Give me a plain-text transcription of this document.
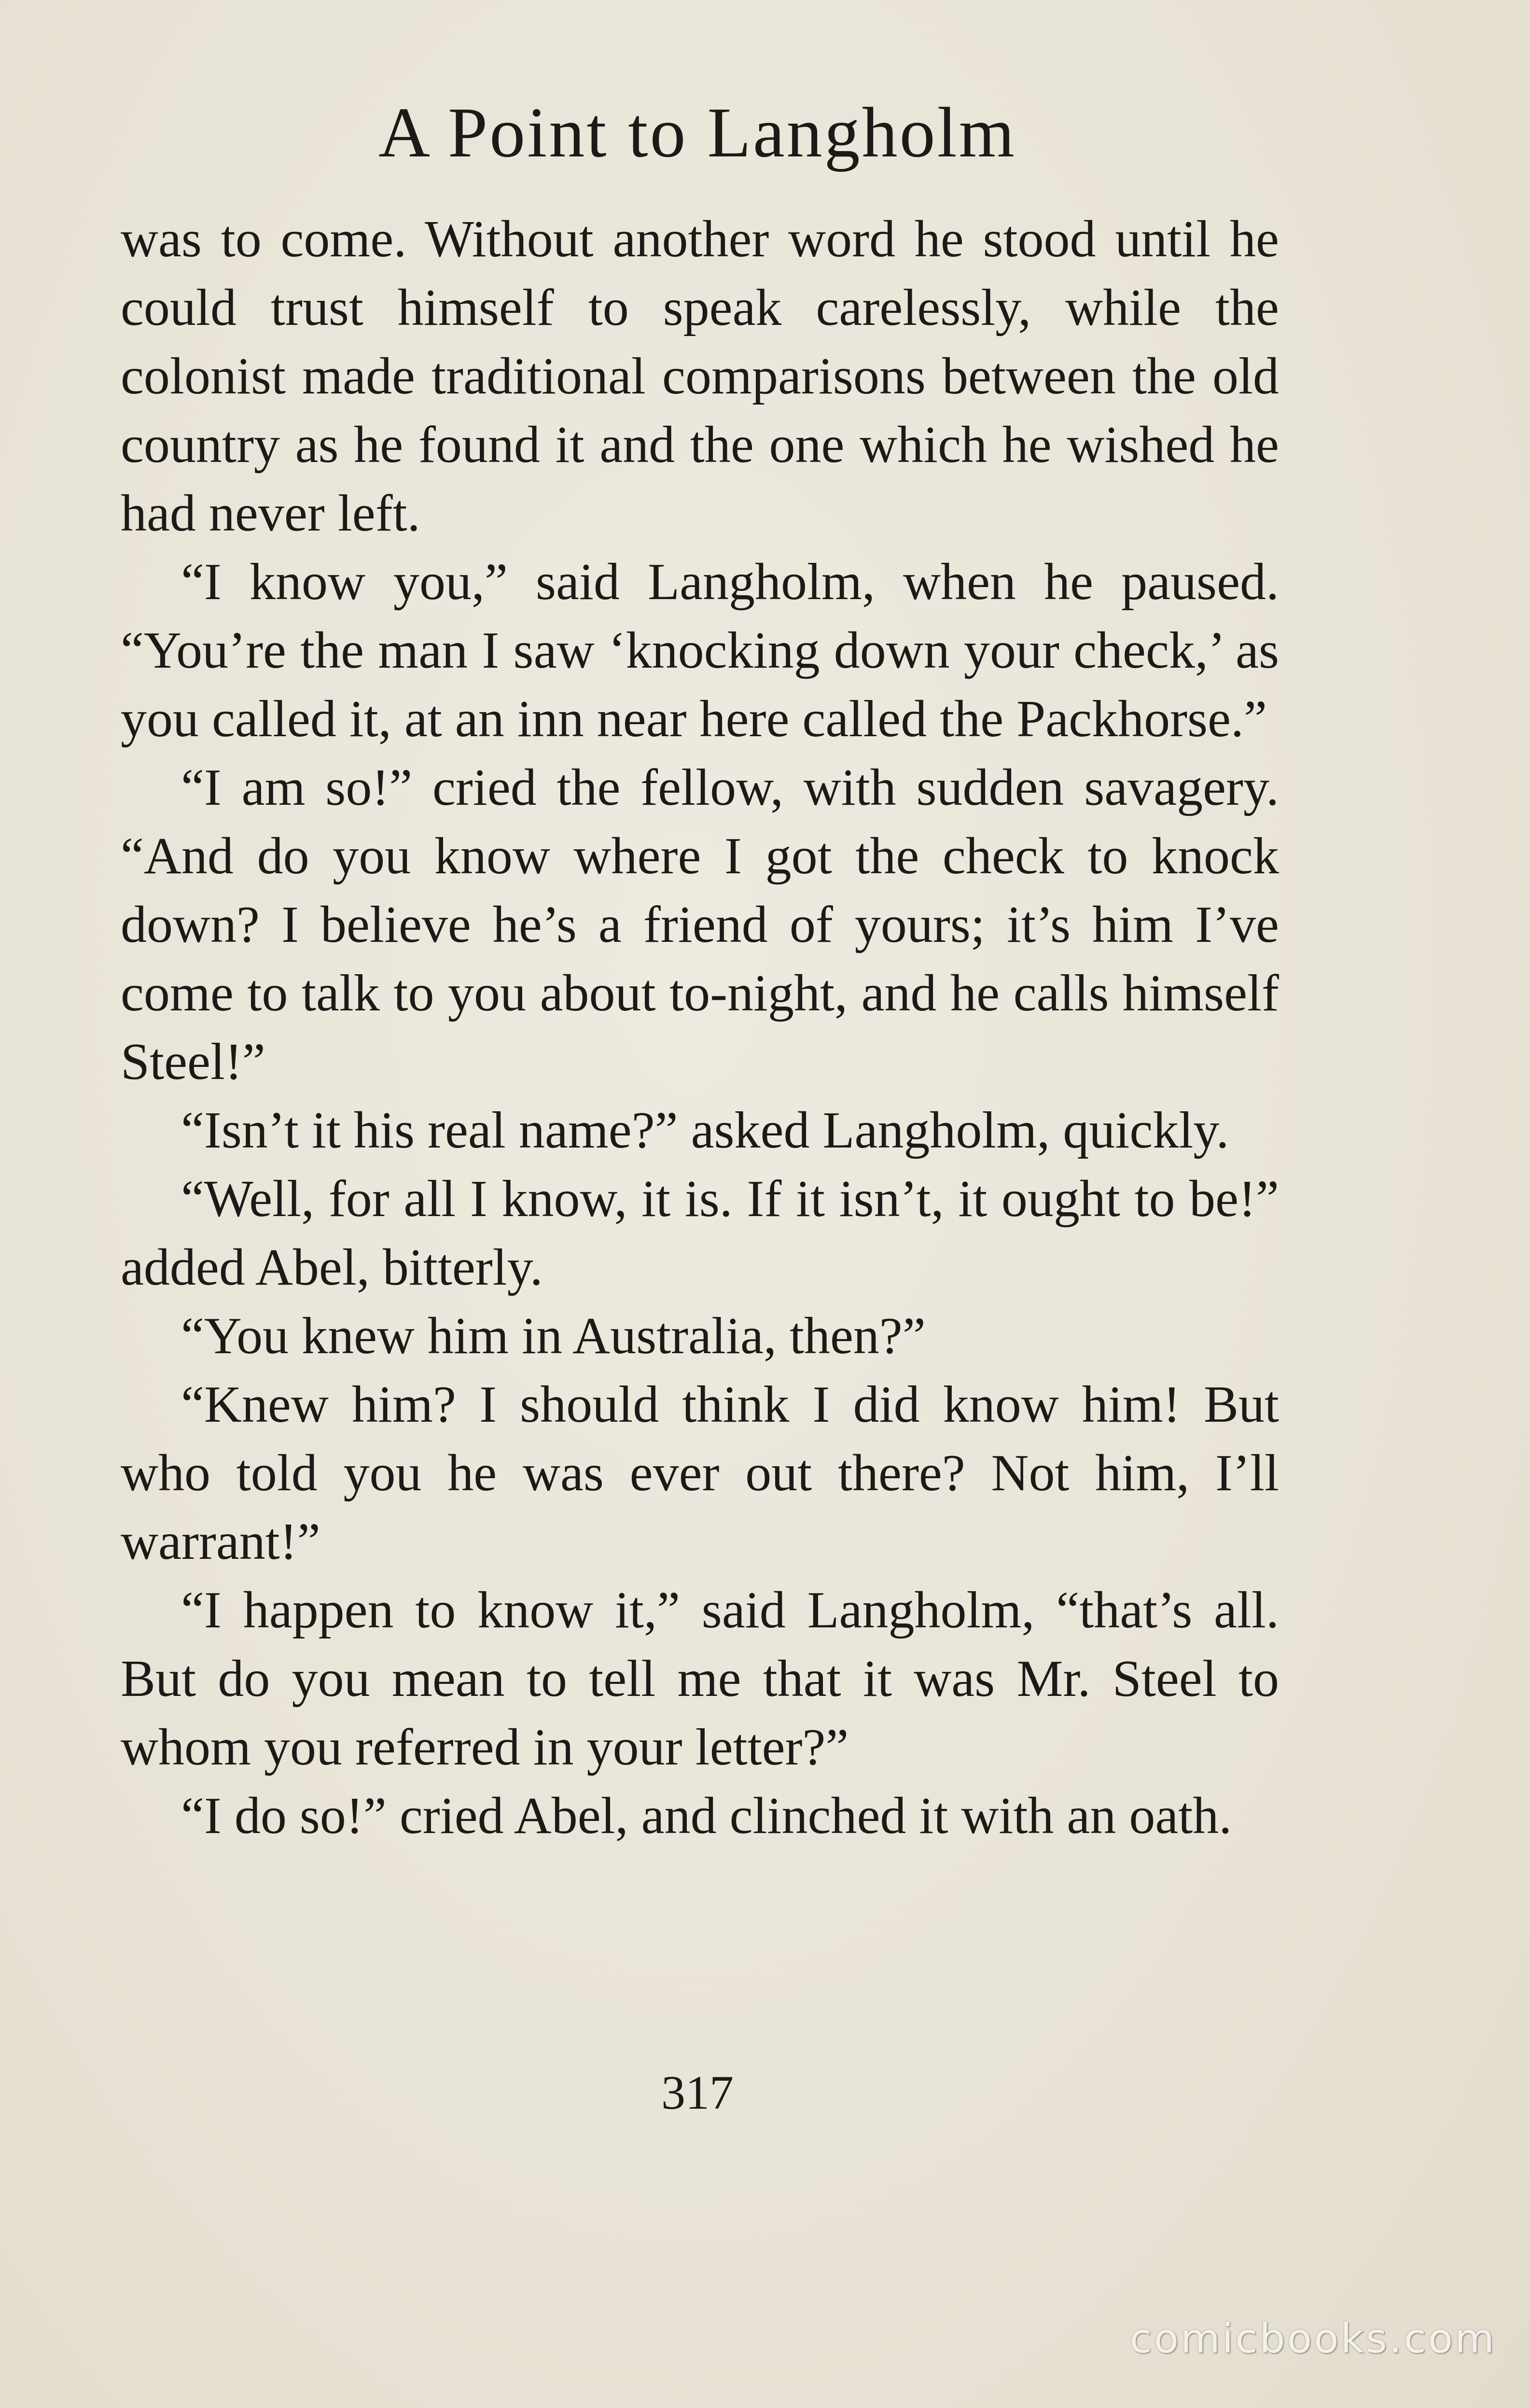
A Point to Langholm

was to come. Without another word he stood until he could trust himself to speak carelessly, while the colonist made traditional comparisons between the old country as he found it and the one which he wished he had never left.

“I know you,” said Langholm, when he paused. “You’re the man I saw ‘knocking down your check,’ as you called it, at an inn near here called the Packhorse.”

“I am so!” cried the fellow, with sudden savagery. “And do you know where I got the check to knock down? I believe he’s a friend of yours; it’s him I’ve come to talk to you about to-night, and he calls himself Steel!”

“Isn’t it his real name?” asked Langholm, quickly.

“Well, for all I know, it is. If it isn’t, it ought to be!” added Abel, bitterly.

“You knew him in Australia, then?”

“Knew him? I should think I did know him! But who told you he was ever out there? Not him, I’ll warrant!”

“I happen to know it,” said Langholm, “that’s all. But do you mean to tell me that it was Mr. Steel to whom you referred in your letter?”

“I do so!” cried Abel, and clinched it with an oath.

317
comicbooks.com
